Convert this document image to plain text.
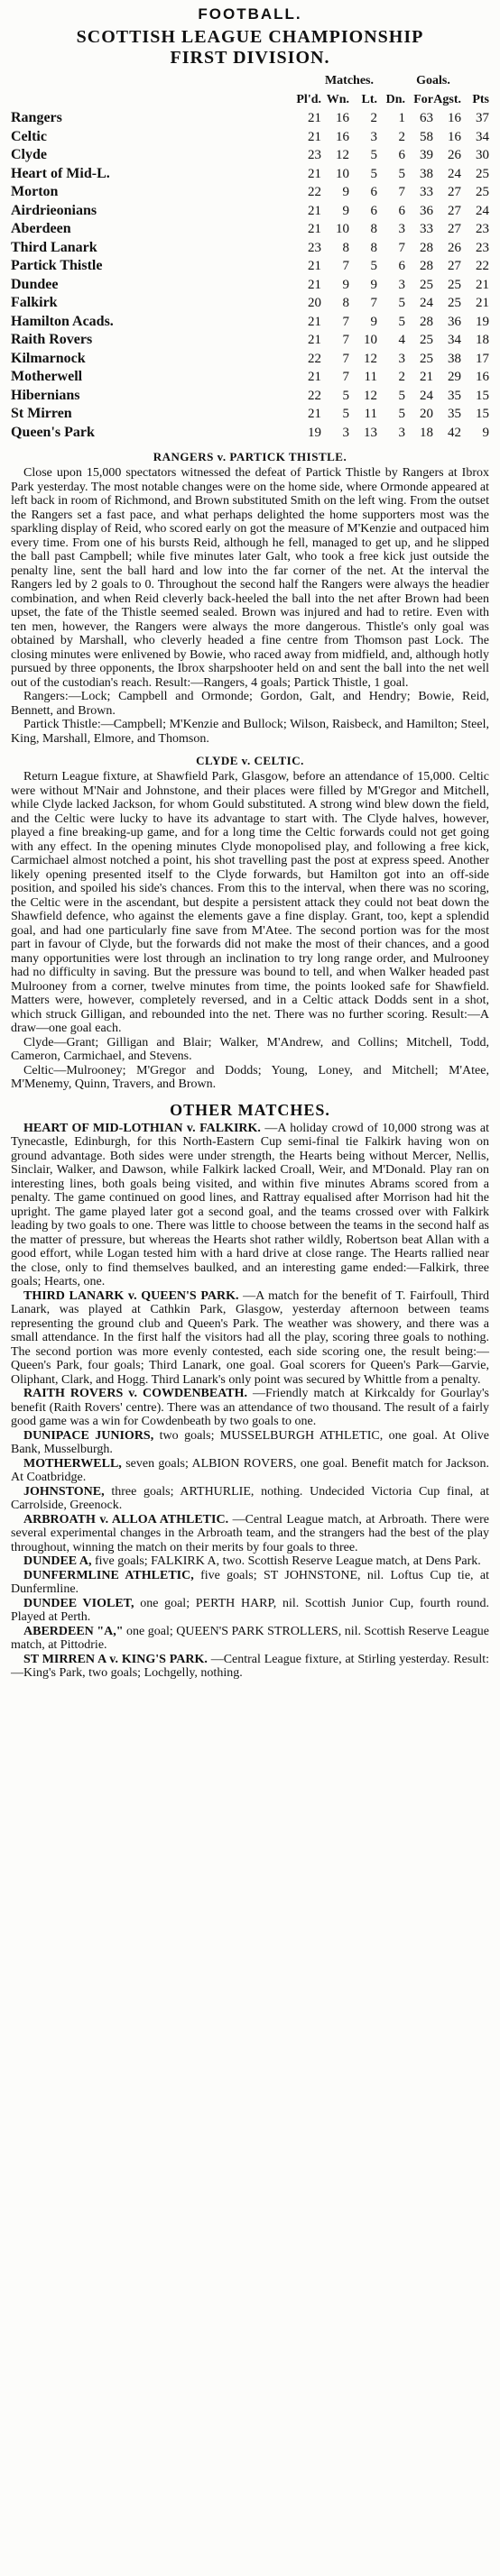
FOOTBALL.
SCOTTISH LEAGUE CHAMPIONSHIP
FIRST DIVISION.
	Matches.				Goals.		
	Pl'd.	Wn.	Lt.	Dn.	For	Agst.	Pts
Rangers	21	16	2	1	63	16	37
Celtic	21	16	3	2	58	16	34
Clyde	23	12	5	6	39	26	30
Heart of Mid-L.	21	10	5	5	38	24	25
Morton	22	9	6	7	33	27	25
Airdrieonians	21	9	6	6	36	27	24
Aberdeen	21	10	8	3	33	27	23
Third Lanark	23	8	8	7	28	26	23
Partick Thistle	21	7	5	6	28	27	22
Dundee	21	9	9	3	25	25	21
Falkirk	20	8	7	5	24	25	21
Hamilton Acads.	21	7	9	5	28	36	19
Raith Rovers	21	7	10	4	25	34	18
Kilmarnock	22	7	12	3	25	38	17
Motherwell	21	7	11	2	21	29	16
Hibernians	22	5	12	5	24	35	15
St Mirren	21	5	11	5	20	35	15
Queen's Park	19	3	13	3	18	42	9
RANGERS v. PARTICK THISTLE.

Close upon 15,000 spectators witnessed the defeat of Partick Thistle by Rangers at Ibrox Park yesterday. The most notable changes were on the home side, where Ormonde appeared at left back in room of Richmond, and Brown substituted Smith on the left wing. From the outset the Rangers set a fast pace, and what perhaps delighted the home supporters most was the sparkling display of Reid, who scored early on got the measure of M'Kenzie and outpaced him every time. From one of his bursts Reid, although he fell, managed to get up, and he slipped the ball past Campbell; while five minutes later Galt, who took a free kick just outside the penalty line, sent the ball hard and low into the far corner of the net. At the interval the Rangers led by 2 goals to 0. Throughout the second half the Rangers were always the headier combination, and when Reid cleverly back-heeled the ball into the net after Brown had been upset, the fate of the Thistle seemed sealed. Brown was injured and had to retire. Even with ten men, however, the Rangers were always the more dangerous. Thistle's only goal was obtained by Marshall, who cleverly headed a fine centre from Thomson past Lock. The closing minutes were enlivened by Bowie, who raced away from midfield, and, although hotly pursued by three opponents, the Ibrox sharpshooter held on and sent the ball into the net well out of the custodian's reach. Result:—Rangers, 4 goals; Partick Thistle, 1 goal.

Rangers:—Lock; Campbell and Ormonde; Gordon, Galt, and Hendry; Bowie, Reid, Bennett, and Brown.

Partick Thistle:—Campbell; M'Kenzie and Bullock; Wilson, Raisbeck, and Hamilton; Steel, King, Marshall, Elmore, and Thomson.

CLYDE v. CELTIC.

Return League fixture, at Shawfield Park, Glasgow, before an attendance of 15,000. Celtic were without M'Nair and Johnstone, and their places were filled by M'Gregor and Mitchell, while Clyde lacked Jackson, for whom Gould substituted. A strong wind blew down the field, and the Celtic were lucky to have its advantage to start with. The Clyde halves, however, played a fine breaking-up game, and for a long time the Celtic forwards could not get going with any effect. In the opening minutes Clyde monopolised play, and following a free kick, Carmichael almost notched a point, his shot travelling past the post at express speed. Another likely opening presented itself to the Clyde forwards, but Hamilton got into an off-side position, and spoiled his side's chances. From this to the interval, when there was no scoring, the Celtic were in the ascendant, but despite a persistent attack they could not beat down the Shawfield defence, who against the elements gave a fine display. Grant, too, kept a splendid goal, and had one particularly fine save from M'Atee. The second portion was for the most part in favour of Clyde, but the forwards did not make the most of their chances, and a good many opportunities were lost through an inclination to try long range order, and Mulrooney had no difficulty in saving. But the pressure was bound to tell, and when Walker headed past Mulrooney from a corner, twelve minutes from time, the points looked safe for Shawfield. Matters were, however, completely reversed, and in a Celtic attack Dodds sent in a shot, which struck Gilligan, and rebounded into the net. There was no further scoring. Result:—A draw—one goal each.

Clyde—Grant; Gilligan and Blair; Walker, M'Andrew, and Collins; Mitchell, Todd, Cameron, Carmichael, and Stevens.

Celtic—Mulrooney; M'Gregor and Dodds; Young, Loney, and Mitchell; M'Atee, M'Menemy, Quinn, Travers, and Brown.

OTHER MATCHES.

HEART OF MID-LOTHIAN v. FALKIRK. —A holiday crowd of 10,000 strong was at Tynecastle, Edinburgh, for this North-Eastern Cup semi-final tie Falkirk having won on ground advantage. Both sides were under strength, the Hearts being without Mercer, Nellis, Sinclair, Walker, and Dawson, while Falkirk lacked Croall, Weir, and M'Donald. Play ran on interesting lines, both goals being visited, and within five minutes Abrams scored from a penalty. The game continued on good lines, and Rattray equalised after Morrison had hit the upright. The game played later got a second goal, and the teams crossed over with Falkirk leading by two goals to one. There was little to choose between the teams in the second half as the matter of pressure, but whereas the Hearts shot rather wildly, Robertson beat Allan with a good effort, while Logan tested him with a hard drive at close range. The Hearts rallied near the close, only to find themselves baulked, and an interesting game ended:—Falkirk, three goals; Hearts, one.

THIRD LANARK v. QUEEN'S PARK. —A match for the benefit of T. Fairfoull, Third Lanark, was played at Cathkin Park, Glasgow, yesterday afternoon between teams representing the ground club and Queen's Park. The weather was showery, and there was a small attendance. In the first half the visitors had all the play, scoring three goals to nothing. The second portion was more evenly contested, each side scoring one, the result being:—Queen's Park, four goals; Third Lanark, one goal. Goal scorers for Queen's Park—Garvie, Oliphant, Clark, and Hogg. Third Lanark's only point was secured by Whittle from a penalty.

RAITH ROVERS v. COWDENBEATH. —Friendly match at Kirkcaldy for Gourlay's benefit (Raith Rovers' centre). There was an attendance of two thousand. The result of a fairly good game was a win for Cowdenbeath by two goals to one.

DUNIPACE JUNIORS, two goals; MUSSELBURGH ATHLETIC, one goal. At Olive Bank, Musselburgh.

MOTHERWELL, seven goals; ALBION ROVERS, one goal. Benefit match for Jackson. At Coatbridge.

JOHNSTONE, three goals; ARTHURLIE, nothing. Undecided Victoria Cup final, at Carrolside, Greenock.

ARBROATH v. ALLOA ATHLETIC. —Central League match, at Arbroath. There were several experimental changes in the Arbroath team, and the strangers had the best of the play throughout, winning the match on their merits by four goals to three.

DUNDEE A, five goals; FALKIRK A, two. Scottish Reserve League match, at Dens Park.

DUNFERMLINE ATHLETIC, five goals; ST JOHNSTONE, nil. Loftus Cup tie, at Dunfermline.

DUNDEE VIOLET, one goal; PERTH HARP, nil. Scottish Junior Cup, fourth round. Played at Perth.

ABERDEEN "A," one goal; QUEEN'S PARK STROLLERS, nil. Scottish Reserve League match, at Pittodrie.

ST MIRREN A v. KING'S PARK. —Central League fixture, at Stirling yesterday. Result:—King's Park, two goals; Lochgelly, nothing.
